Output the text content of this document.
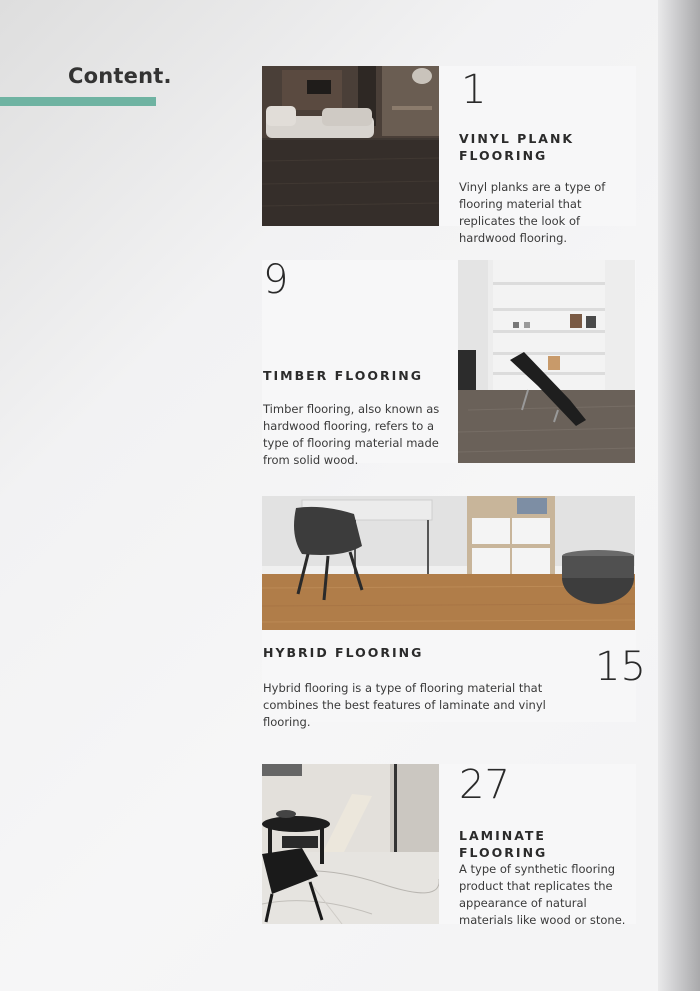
Content.	1
VINYL PLANK FLOORING
Vinyl planks are a type of flooring material that replicates the look of hardwood flooring.
9
TIMBER FLOORING
Timber flooring, also known as hardwood flooring, refers to a type of flooring material made from solid wood.
HYBRID FLOORING	15
Hybrid flooring is a type of flooring material that combines the best features of laminate and vinyl flooring.
27
LAMINATE FLOORING
A type of synthetic flooring product that replicates the appearance of natural materials like wood or stone.
